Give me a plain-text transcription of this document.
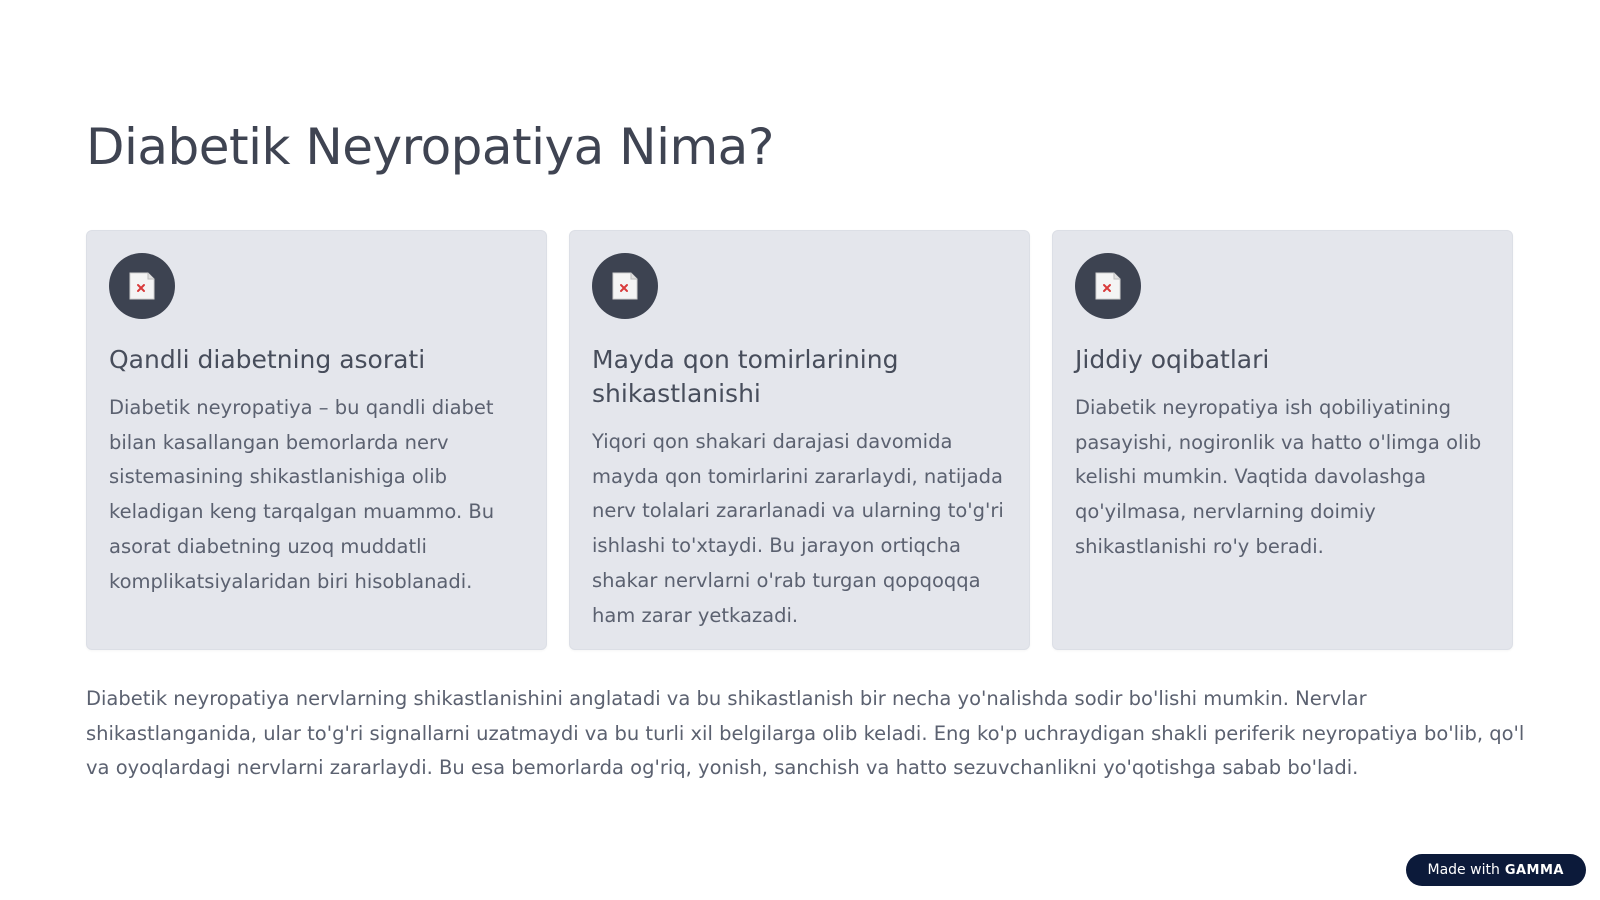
Diabetik Neyropatiya Nima?
Qandli diabetning asorati

Diabetik neyropatiya – bu qandli diabet bilan kasallangan bemorlarda nerv sistemasining shikastlanishiga olib keladigan keng tarqalgan muammo. Bu asorat diabetning uzoq muddatli komplikatsiyalaridan biri hisoblanadi.

Mayda qon tomirlarining shikastlanishi

Yiqori qon shakari darajasi davomida mayda qon tomirlarini zararlaydi, natijada nerv tolalari zararlanadi va ularning to'g'ri ishlashi to'xtaydi. Bu jarayon ortiqcha shakar nervlarni o'rab turgan qopqoqqa ham zarar yetkazadi.

Jiddiy oqibatlari

Diabetik neyropatiya ish qobiliyatining pasayishi, nogironlik va hatto o'limga olib kelishi mumkin. Vaqtida davolashga qo'yilmasa, nervlarning doimiy shikastlanishi ro'y beradi.

Diabetik neyropatiya nervlarning shikastlanishini anglatadi va bu shikastlanish bir necha yo'nalishda sodir bo'lishi mumkin. Nervlar shikastlanganida, ular to'g'ri signallarni uzatmaydi va bu turli xil belgilarga olib keladi. Eng ko'p uchraydigan shakli periferik neyropatiya bo'lib, qo'l va oyoqlardagi nervlarni zararlaydi. Bu esa bemorlarda og'riq, yonish, sanchish va hatto sezuvchanlikni yo'qotishga sabab bo'ladi.

Made with GAMMA
